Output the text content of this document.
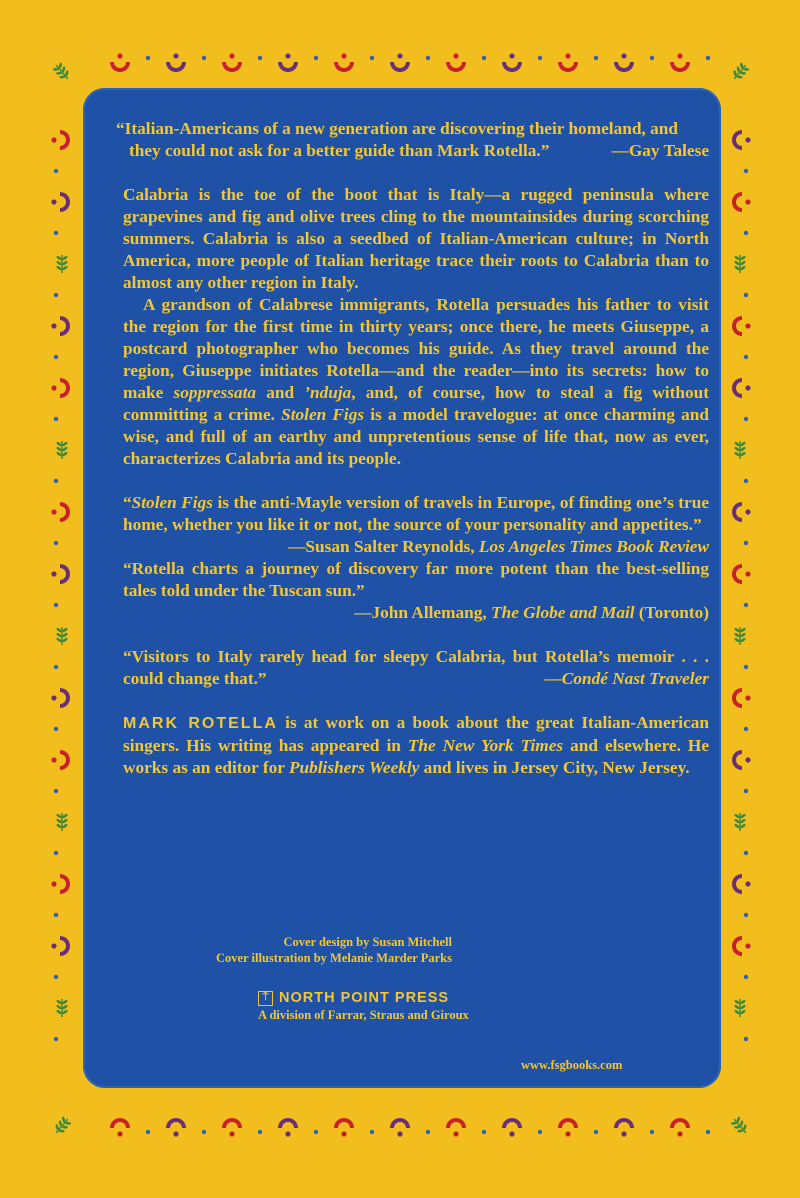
“Italian-Americans of a new generation are discovering their homeland, and

they could not ask for a better guide than Mark Rotella.”	—Gay Talese

Calabria is the toe of the boot that is Italy—a rugged peninsula where grapevines and fig and olive trees cling to the mountainsides during scorching summers. Calabria is also a seedbed of Italian-American culture; in North America, more people of Italian heritage trace their roots to Calabria than to almost any other region in Italy.

A grandson of Calabrese immigrants, Rotella persuades his father to visit the region for the first time in thirty years; once there, he meets Giuseppe, a postcard photographer who becomes his guide. As they travel around the region, Giuseppe initiates Rotella—and the reader—into its secrets: how to make soppressata and ’nduja, and, of course, how to steal a fig without committing a crime. Stolen Figs is a model travelogue: at once charming and wise, and full of an earthy and unpretentious sense of life that, now as ever, characterizes Calabria and its people.

“Stolen Figs is the anti-Mayle version of travels in Europe, of finding one’s true home, whether you like it or not, the source of your personality and appetites.”
—Susan Salter Reynolds, Los Angeles Times Book Review

“Rotella charts a journey of discovery far more potent than the best-selling tales told under the Tuscan sun.”

—John Allemang, The Globe and Mail (Toronto)

“Visitors to Italy rarely head for sleepy Calabria, but Rotella’s memoir . . . could change that.”	—Condé Nast Traveler

MARK ROTELLA is at work on a book about the great Italian-American singers. His writing has appeared in The New York Times and elsewhere. He works as an editor for Publishers Weekly and lives in Jersey City, New Jersey.

Cover design by Susan Mitchell
Cover illustration by Melanie Marder Parks
⍑ NORTH POINT PRESS
A division of Farrar, Straus and Giroux
www.fsgbooks.com
